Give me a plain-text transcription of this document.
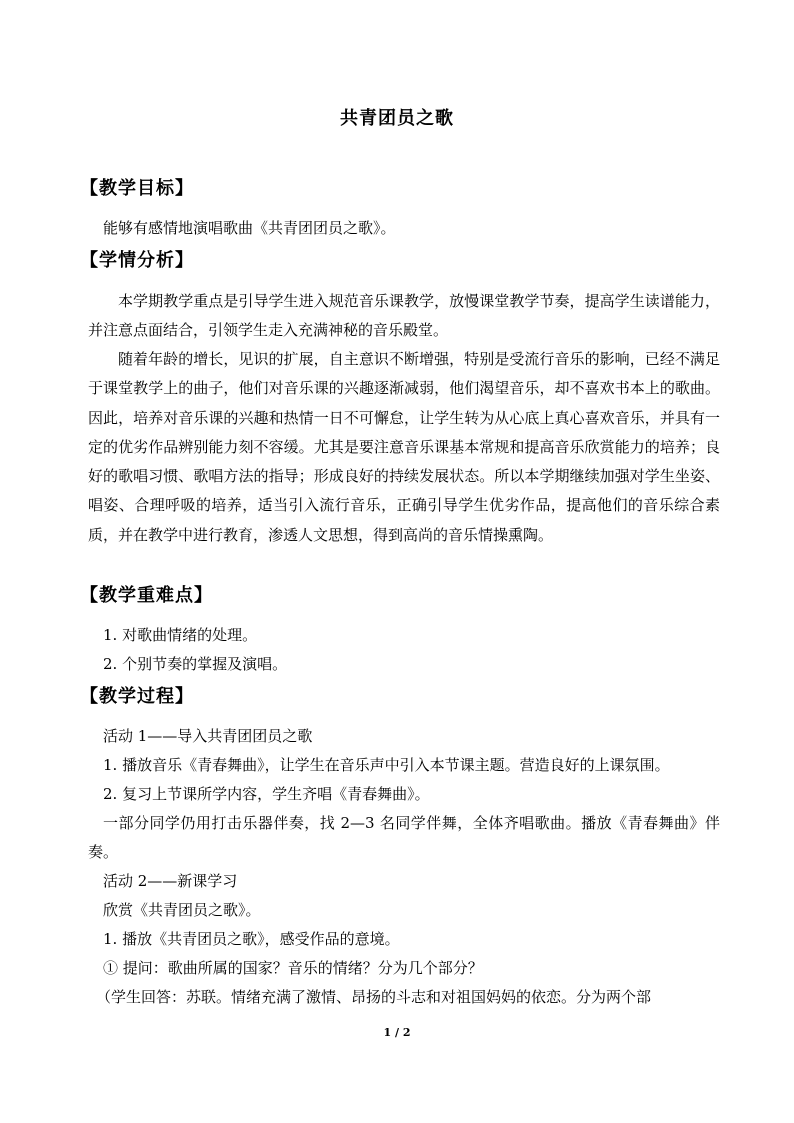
共青团员之歌
【教学目标】
能够有感情地演唱歌曲《共青团团员之歌》。
【学情分析】

本学期教学重点是引导学生进入规范音乐课教学，放慢课堂教学节奏，提高学生读谱能力，并注意点面结合，引领学生走入充满神秘的音乐殿堂。

随着年龄的增长，见识的扩展，自主意识不断增强，特别是受流行音乐的影响，已经不满足于课堂教学上的曲子，他们对音乐课的兴趣逐渐减弱，他们渴望音乐，却不喜欢书本上的歌曲。因此，培养对音乐课的兴趣和热情一日不可懈怠，让学生转为从心底上真心喜欢音乐，并具有一定的优劣作品辨别能力刻不容缓。尤其是要注意音乐课基本常规和提高音乐欣赏能力的培养；良好的歌唱习惯、歌唱方法的指导；形成良好的持续发展状态。所以本学期继续加强对学生坐姿、唱姿、合理呼吸的培养，适当引入流行音乐，正确引导学生优劣作品，提高他们的音乐综合素质，并在教学中进行教育，渗透人文思想，得到高尚的音乐情操熏陶。

【教学重难点】
1. 对歌曲情绪的处理。
2. 个别节奏的掌握及演唱。
【教学过程】
活动 1——导入共青团团员之歌
1. 播放音乐《青春舞曲》，让学生在音乐声中引入本节课主题。营造良好的上课氛围。
2. 复习上节课所学内容，学生齐唱《青春舞曲》。

一部分同学仍用打击乐器伴奏，找 2—3 名同学伴舞，全体齐唱歌曲。播放《青春舞曲》伴奏。

活动 2——新课学习
欣赏《共青团员之歌》。
1. 播放《共青团员之歌》，感受作品的意境。
① 提问：歌曲所属的国家？音乐的情绪？分为几个部分？
（学生回答：苏联。情绪充满了激情、昂扬的斗志和对祖国妈妈的依恋。分为两个部
1 / 2
